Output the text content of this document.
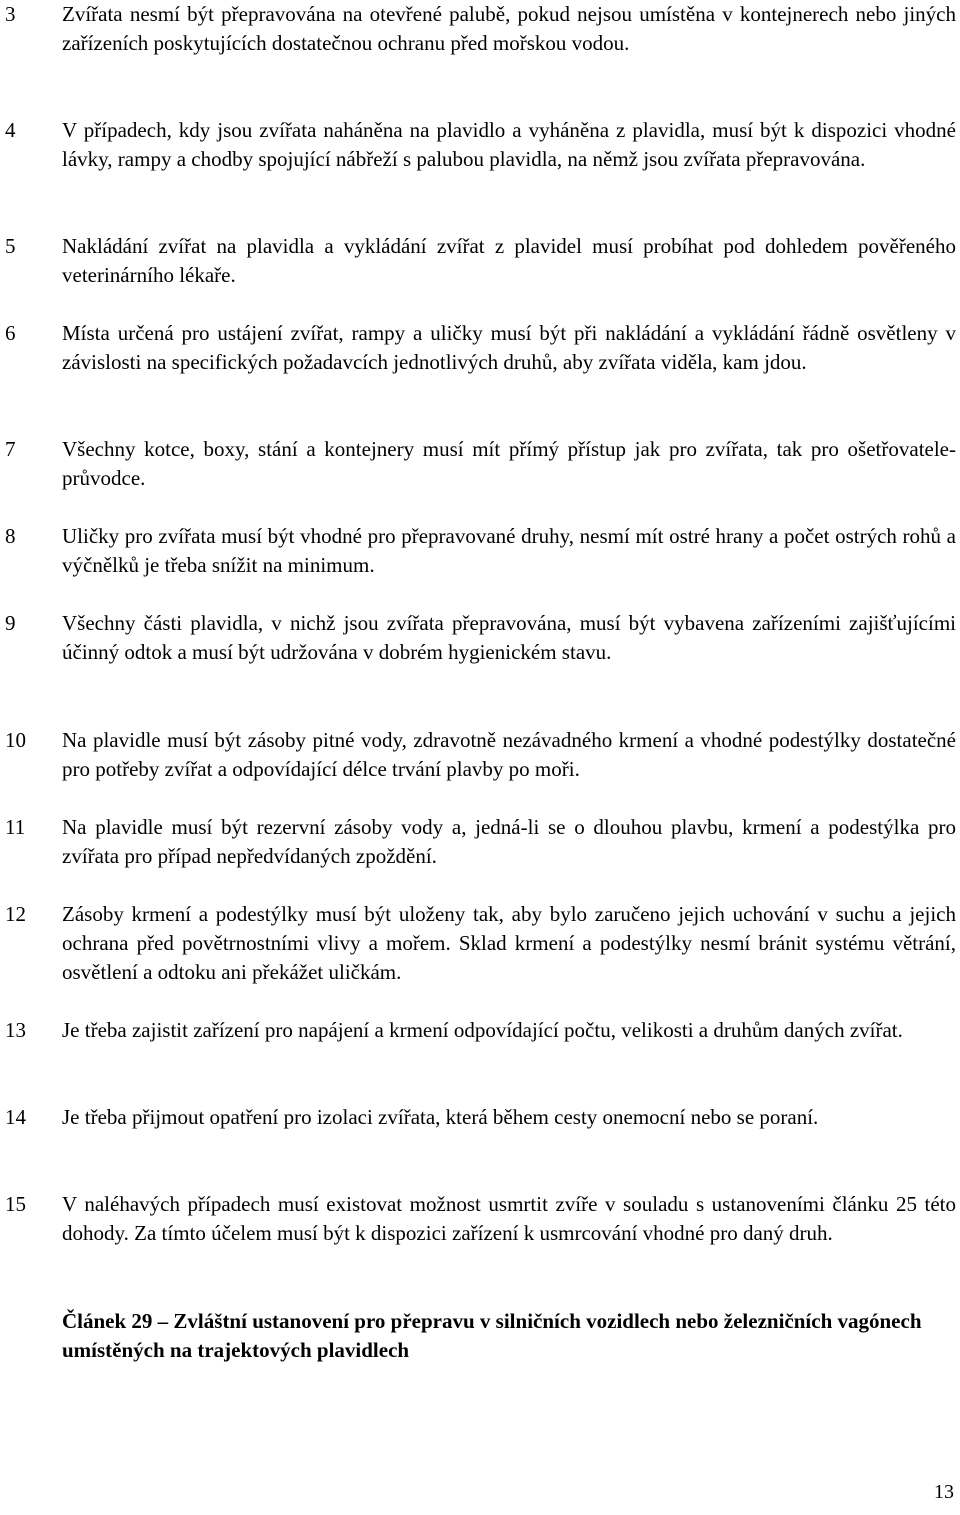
3	Zvířata nesmí být přepravována na otevřené palubě, pokud nejsou umístěna v kontejnerech nebo jiných zařízeních poskytujících dostatečnou ochranu před mořskou vodou.
4	V případech, kdy jsou zvířata naháněna na plavidlo a vyháněna z plavidla, musí být k dispozici vhodné lávky, rampy a chodby spojující nábřeží s palubou plavidla, na němž jsou zvířata přepravována.
5	Nakládání zvířat na plavidla a vykládání zvířat z plavidel musí probíhat pod dohledem pověřeného veterinárního lékaře.
6	Místa určená pro ustájení zvířat, rampy a uličky musí být při nakládání a vykládání řádně osvětleny v závislosti na specifických požadavcích jednotlivých druhů, aby zvířata viděla, kam jdou.
7	Všechny kotce, boxy, stání a kontejnery musí mít přímý přístup jak pro zvířata, tak pro ošetřovatele-průvodce.
8	Uličky pro zvířata musí být vhodné pro přepravované druhy, nesmí mít ostré hrany a počet ostrých rohů a výčnělků je třeba snížit na minimum.
9	Všechny části plavidla, v nichž jsou zvířata přepravována, musí být vybavena zařízeními zajišťujícími účinný odtok a musí být udržována v dobrém hygienickém stavu.
10	Na plavidle musí být zásoby pitné vody, zdravotně nezávadného krmení a vhodné podestýlky dostatečné pro potřeby zvířat a odpovídající délce trvání plavby po moři.
11	Na plavidle musí být rezervní zásoby vody a, jedná-li se o dlouhou plavbu, krmení a podestýlka pro zvířata pro případ nepředvídaných zpoždění.
12	Zásoby krmení a podestýlky musí být uloženy tak, aby bylo zaručeno jejich uchování v suchu a jejich ochrana před povětrnostními vlivy a mořem. Sklad krmení a podestýlky nesmí bránit systému větrání, osvětlení a odtoku ani překážet uličkám.
13	Je třeba zajistit zařízení pro napájení a krmení odpovídající počtu, velikosti a druhům daných zvířat.
14	Je třeba přijmout opatření pro izolaci zvířata, která během cesty onemocní nebo se poraní.
15	V naléhavých případech musí existovat možnost usmrtit zvíře v souladu s ustanoveními článku 25 této dohody. Za tímto účelem musí být k dispozici zařízení k usmrcování vhodné pro daný druh.
Článek 29 – Zvláštní ustanovení pro přepravu v silničních vozidlech nebo železničních vagónech umístěných na trajektových plavidlech
13
